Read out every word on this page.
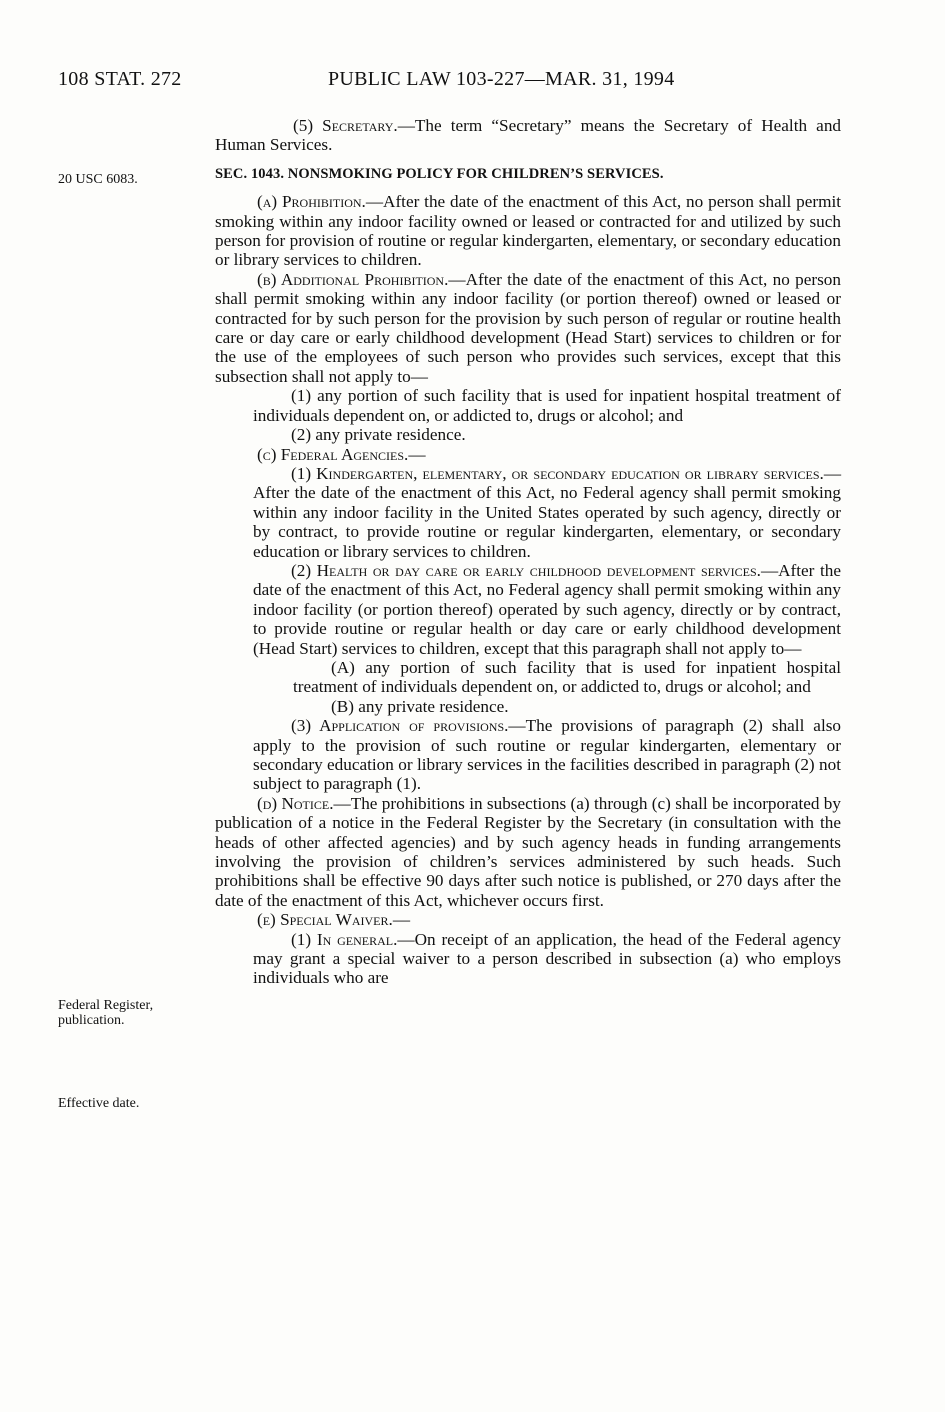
108 STAT. 272	PUBLIC LAW 103-227—MAR. 31, 1994
20 USC 6083.
Federal Register, publication.
Effective date.

(5) Secretary.—The term “Secretary” means the Secretary of Health and Human Services.

SEC. 1043. NONSMOKING POLICY FOR CHILDREN’S SERVICES.

(a) Prohibition.—After the date of the enactment of this Act, no person shall permit smoking within any indoor facility owned or leased or contracted for and utilized by such person for provision of routine or regular kindergarten, elementary, or secondary education or library services to children.

(b) Additional Prohibition.—After the date of the enactment of this Act, no person shall permit smoking within any indoor facility (or portion thereof) owned or leased or contracted for by such person for the provision by such person of regular or routine health care or day care or early childhood development (Head Start) services to children or for the use of the employees of such person who provides such services, except that this subsection shall not apply to—

(1) any portion of such facility that is used for inpatient hospital treatment of individuals dependent on, or addicted to, drugs or alcohol; and

(2) any private residence.

(c) Federal Agencies.—

(1) Kindergarten, elementary, or secondary education or library services.—After the date of the enactment of this Act, no Federal agency shall permit smoking within any indoor facility in the United States operated by such agency, directly or by contract, to provide routine or regular kindergarten, elementary, or secondary education or library services to children.

(2) Health or day care or early childhood development services.—After the date of the enactment of this Act, no Federal agency shall permit smoking within any indoor facility (or portion thereof) operated by such agency, directly or by contract, to provide routine or regular health or day care or early childhood development (Head Start) services to children, except that this paragraph shall not apply to—

(A) any portion of such facility that is used for inpatient hospital treatment of individuals dependent on, or addicted to, drugs or alcohol; and

(B) any private residence.

(3) Application of provisions.—The provisions of paragraph (2) shall also apply to the provision of such routine or regular kindergarten, elementary or secondary education or library services in the facilities described in paragraph (2) not subject to paragraph (1).

(d) Notice.—The prohibitions in subsections (a) through (c) shall be incorporated by publication of a notice in the Federal Register by the Secretary (in consultation with the heads of other affected agencies) and by such agency heads in funding arrangements involving the provision of children’s services administered by such heads. Such prohibitions shall be effective 90 days after such notice is published, or 270 days after the date of the enactment of this Act, whichever occurs first.

(e) Special Waiver.—

(1) In general.—On receipt of an application, the head of the Federal agency may grant a special waiver to a person described in subsection (a) who employs individuals who are
